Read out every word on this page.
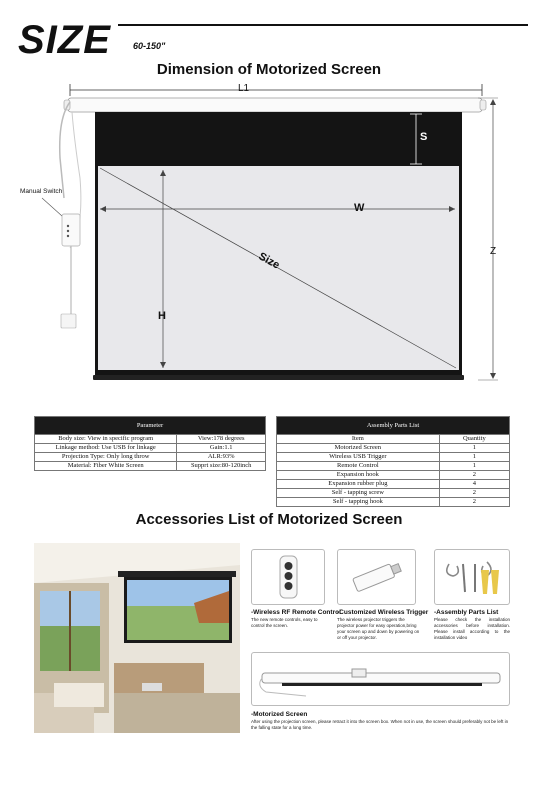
SIZE 60-150"
Dimension of Motorized Screen
L1
S
W
H
Z
Size
Manual Switch
Parameter	
Body size: View in specific program	View:178 degrees
Linkage method: Use USB for linkage	Gain:1.1
Projection Type: Only long throw	ALR:93%
Material: Fiber White Screen	Supprt size:80-120inch
Assembly Parts List	
Item	Quantity
Motorized Screen	1
Wireless USB Trigger	1
Remote Control	1
Expansion hook	2
Expansion rubber plug	4
Self - tapping screw	2
Self - tapping hook	2
Accessories List of Motorized Screen
-Wireless RF Remote Control
The new remote controls, easy to control the screen.
-Customized Wireless Trigger
The wireless projector triggers the projector power for easy operation,bring your screen up and down by powering on or off your projector.
-Assembly Parts List
Please check the installation accessories before installation. Please install according to the installation video
-Motorized Screen
After using the projection screen, please retract it into the screen box. When not in use, the screen should preferably not be left in the falling state for a long time.
